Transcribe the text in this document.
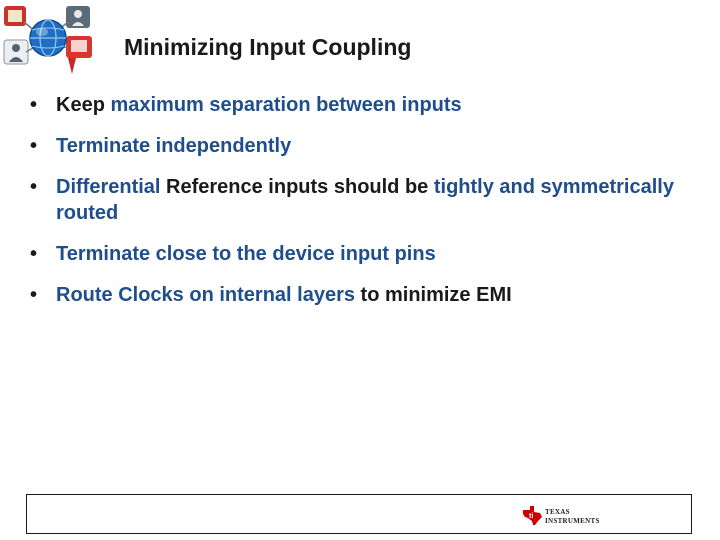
Minimizing Input Coupling
• Keep maximum separation between inputs
• Terminate independently
• Differential Reference inputs should be tightly and symmetrically routed
• Terminate close to the device input pins
• Route Clocks on internal layers to minimize EMI
ti
TEXAS
INSTRUMENTS
